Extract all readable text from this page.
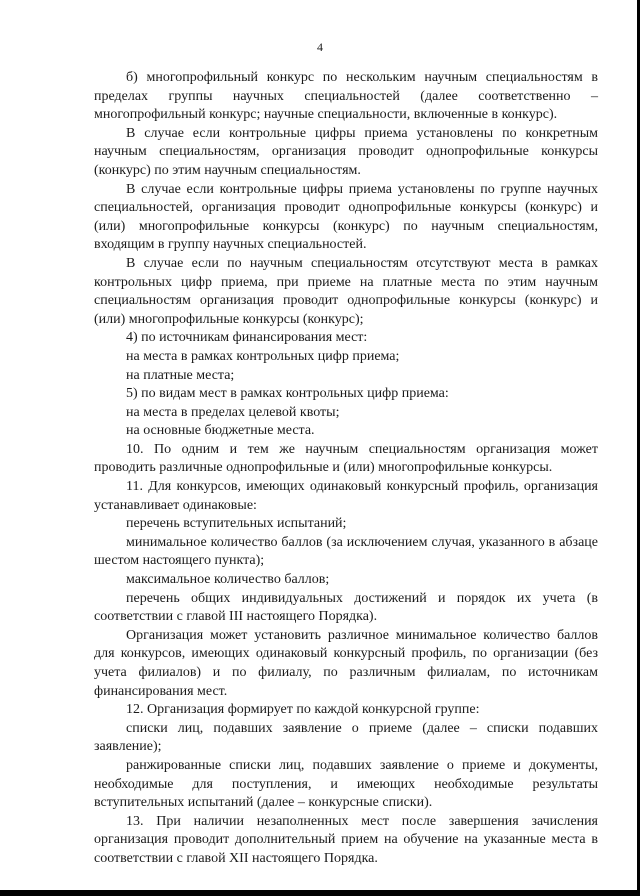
4

б) многопрофильный конкурс по нескольким научным специальностям в пределах группы научных специальностей (далее соответственно – многопрофильный конкурс; научные специальности, включенные в конкурс).

В случае если контрольные цифры приема установлены по конкретным научным специальностям, организация проводит однопрофильные конкурсы (конкурс) по этим научным специальностям.

В случае если контрольные цифры приема установлены по группе научных специальностей, организация проводит однопрофильные конкурсы (конкурс) и (или) многопрофильные конкурсы (конкурс) по научным специальностям, входящим в группу научных специальностей.

В случае если по научным специальностям отсутствуют места в рамках контрольных цифр приема, при приеме на платные места по этим научным специальностям организация проводит однопрофильные конкурсы (конкурс) и (или) многопрофильные конкурсы (конкурс);

4) по источникам финансирования мест:

на места в рамках контрольных цифр приема;

на платные места;

5) по видам мест в рамках контрольных цифр приема:

на места в пределах целевой квоты;

на основные бюджетные места.

10. По одним и тем же научным специальностям организация может проводить различные однопрофильные и (или) многопрофильные конкурсы.

11. Для конкурсов, имеющих одинаковый конкурсный профиль, организация устанавливает одинаковые:

перечень вступительных испытаний;

минимальное количество баллов (за исключением случая, указанного в абзаце шестом настоящего пункта);

максимальное количество баллов;

перечень общих индивидуальных достижений и порядок их учета (в соответствии с главой III настоящего Порядка).

Организация может установить различное минимальное количество баллов для конкурсов, имеющих одинаковый конкурсный профиль, по организации (без учета филиалов) и по филиалу, по различным филиалам, по источникам финансирования мест.

12. Организация формирует по каждой конкурсной группе:

списки лиц, подавших заявление о приеме (далее – списки подавших заявление);

ранжированные списки лиц, подавших заявление о приеме и документы, необходимые для поступления, и имеющих необходимые результаты вступительных испытаний (далее – конкурсные списки).

13. При наличии незаполненных мест после завершения зачисления организация проводит дополнительный прием на обучение на указанные места в соответствии с главой XII настоящего Порядка.
